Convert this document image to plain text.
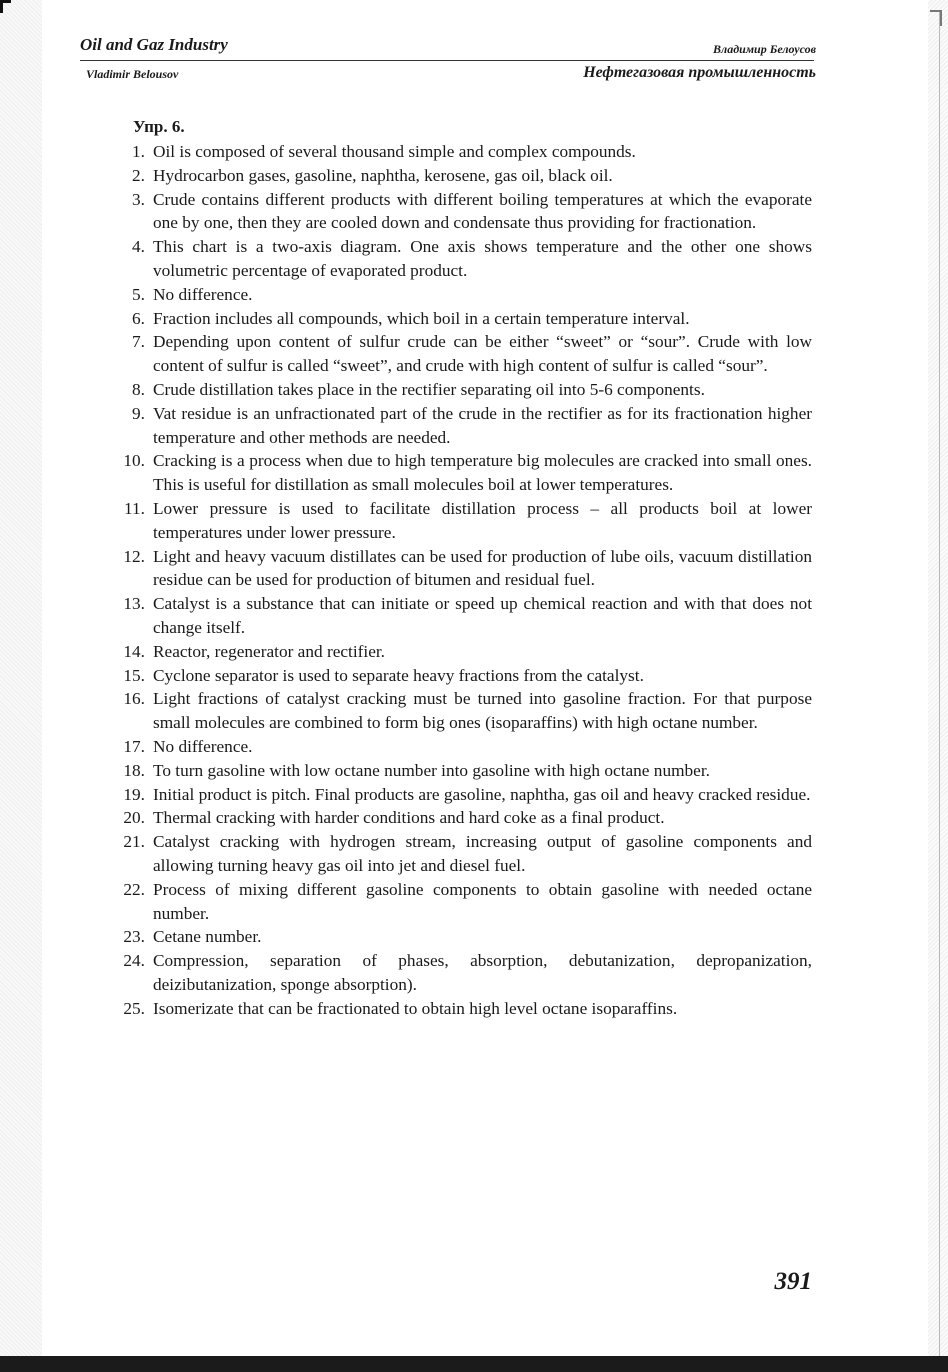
Oil and Gaz Industry	Владимир Белоусов
Vladimir Belousov	Нефтегазовая промышленность
Упр. 6.
1. Oil is composed of several thousand simple and complex compounds.
2. Hydrocarbon gases, gasoline, naphtha, kerosene, gas oil, black oil.
3. Crude contains different products with different boiling temperatures at which the evaporate one by one, then they are cooled down and condensate thus providing for fractionation.
4. This chart is a two-axis diagram. One axis shows temperature and the other one shows volumetric percentage of evaporated product.
5. No difference.
6. Fraction includes all compounds, which boil in a certain temperature interval.
7. Depending upon content of sulfur crude can be either “sweet” or “sour”. Crude with low content of sulfur is called “sweet”, and crude with high content of sulfur is called “sour”.
8. Crude distillation takes place in the rectifier separating oil into 5-6 components.
9. Vat residue is an unfractionated part of the crude in the rectifier as for its fractionation higher temperature and other methods are needed.
10. Cracking is a process when due to high temperature big molecules are cracked into small ones. This is useful for distillation as small molecules boil at lower temperatures.
11. Lower pressure is used to facilitate distillation process – all products boil at lower temperatures under lower pressure.
12. Light and heavy vacuum distillates can be used for production of lube oils, vacuum distillation residue can be used for production of bitumen and residual fuel.
13. Catalyst is a substance that can initiate or speed up chemical reaction and with that does not change itself.
14. Reactor, regenerator and rectifier.
15. Cyclone separator is used to separate heavy fractions from the catalyst.
16. Light fractions of catalyst cracking must be turned into gasoline fraction. For that purpose small molecules are combined to form big ones (isoparaffins) with high octane number.
17. No difference.
18. To turn gasoline with low octane number into gasoline with high octane number.
19. Initial product is pitch. Final products are gasoline, naphtha, gas oil and heavy cracked residue.
20. Thermal cracking with harder conditions and hard coke as a final product.
21. Catalyst cracking with hydrogen stream, increasing output of gasoline components and allowing turning heavy gas oil into jet and diesel fuel.
22. Process of mixing different gasoline components to obtain gasoline with needed octane number.
23. Cetane number.
24. Compression, separation of phases, absorption, debutanization, depropanization, deizibutanization, sponge absorption).
25. Isomerizate that can be fractionated to obtain high level octane isoparaffins.
391
